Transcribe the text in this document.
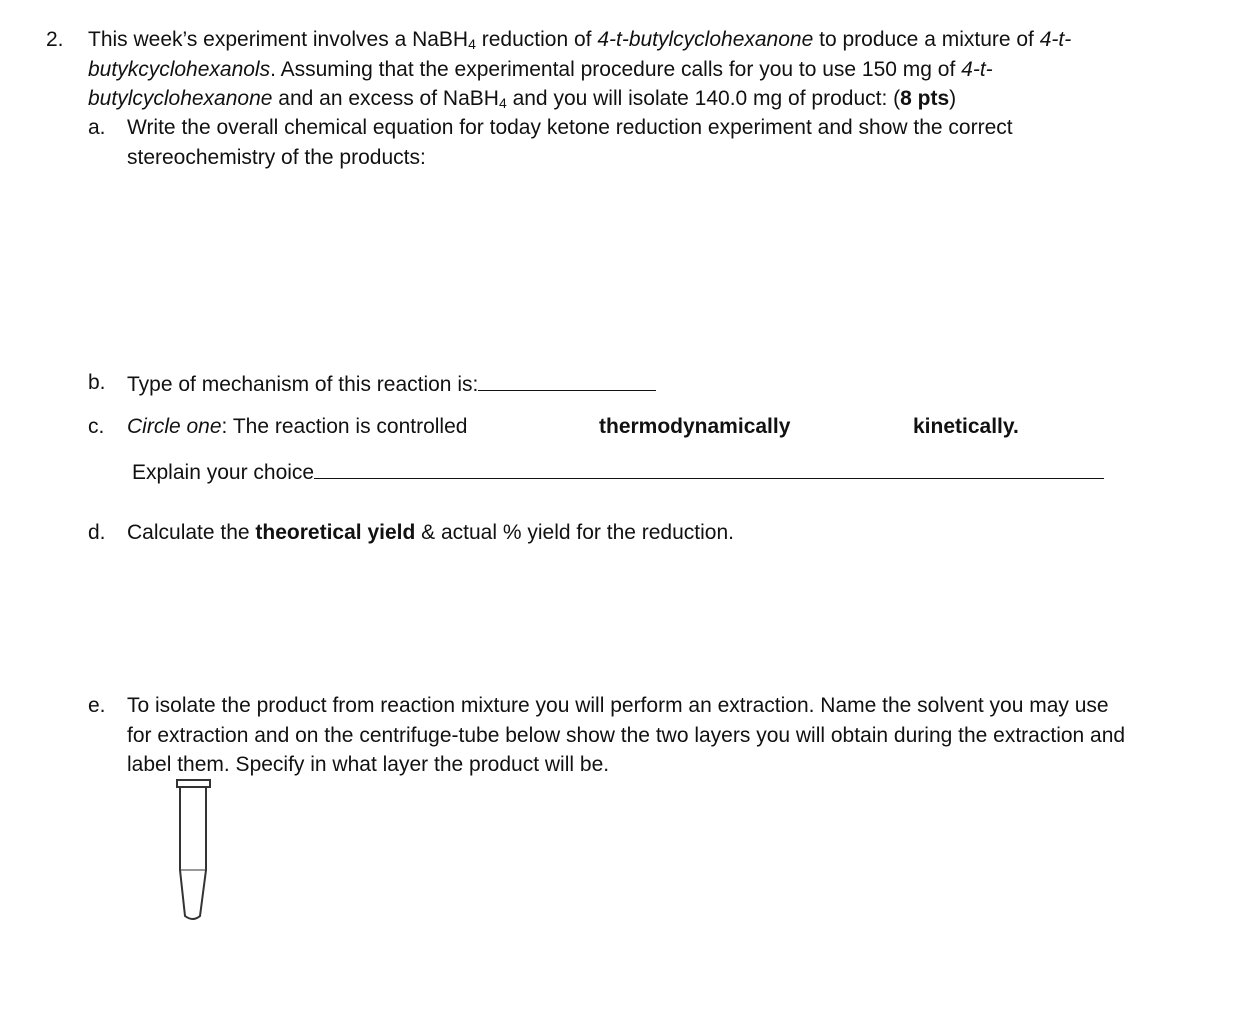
2. This week’s experiment involves a NaBH$_4$ reduction of 4-t-butylcyclohexanone to produce a mixture of 4-t-
butykcyclohexanols. Assuming that the experimental procedure calls for you to use 150 mg of 4-t-
butylcyclohexanone and an excess of NaBH$_4$ and you will isolate 140.0 mg of product: (8 pts)
a. Write the overall chemical equation for today ketone reduction experiment and show the correct
stereochemistry of the products:
b. Type of mechanism of this reaction is:
c. Circle one: The reaction is controlled	thermodynamically	kinetically.
Explain your choice
d. Calculate the theoretical yield & actual % yield for the reduction.
e. To isolate the product from reaction mixture you will perform an extraction. Name the solvent you may use
for extraction and on the centrifuge-tube below show the two layers you will obtain during the extraction and
label them. Specify in what layer the product will be.
